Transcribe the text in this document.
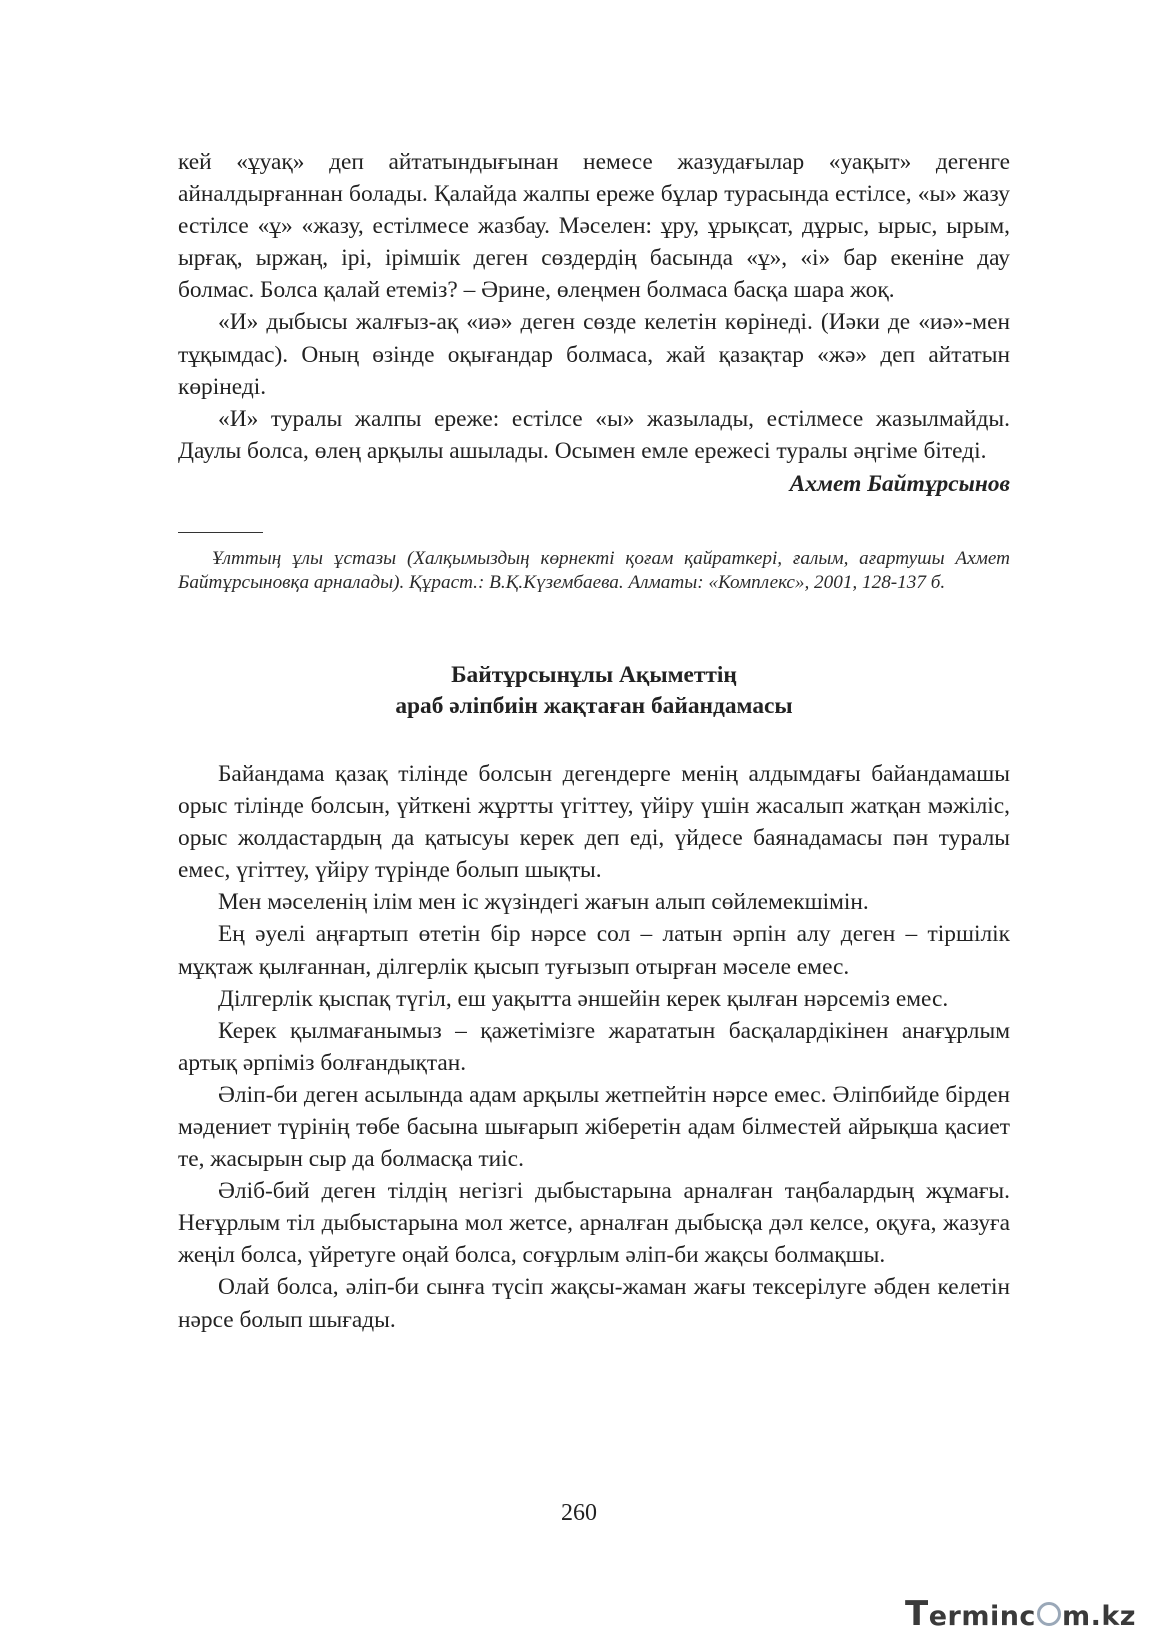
кей «ұуақ» деп айтатындығынан немесе жазудағылар «уақыт» дегенге айналдырғаннан болады. Қалайда жалпы ереже бұлар турасында естілсе, «ы» жазу естілсе «ұ» «жазу, естілмесе жазбау. Мәселен: ұру, ұрықсат, дұрыс, ырыс, ырым, ырғақ, ыржаң, ірі, ірімшік деген сөздердің басында «ұ», «і» бар екеніне дау болмас. Болса қалай етеміз? – Әрине, өлеңмен болмаса басқа шара жоқ.

«И» дыбысы жалғыз-ақ «иә» деген сөзде келетін көрінеді. (Иәки де «иә»-мен тұқымдас). Оның өзінде оқығандар болмаса, жай қазақтар «жә» деп айтатын көрінеді.

«И» туралы жалпы ереже: естілсе «ы» жазылады, естілмесе жазылмайды. Даулы болса, өлең арқылы ашылады. Осымен емле ережесі туралы әңгіме бітеді.

Ахмет Байтұрсынов

Ұлттың ұлы ұстазы (Халқымыздың көрнекті қоғам қайраткері, ғалым, ағартушы Ахмет Байтұрсыновқа арналады). Құраст.: В.Қ.Күзембаева. Алматы: «Комплекс», 2001, 128-137 б.

Байтұрсынұлы Ақыметтің
араб әліпбиін жақтаған байандамасы

Байандама қазақ тілінде болсын дегендерге менің алдымдағы байандамашы орыс тілінде болсын, үйткені жұртты үгіттеу, үйіру үшін жасалып жатқан мәжіліс, орыс жолдастардың да қатысуы керек деп еді, үйдесе баянадамасы пән туралы емес, үгіттеу, үйіру түрінде болып шықты.

Мен мәселенің ілім мен іс жүзіндегі жағын алып сөйлемекшімін.

Ең әуелі аңғартып өтетін бір нәрсе сол – латын әрпін алу деген – тіршілік мұқтаж қылғаннан, ділгерлік қысып туғызып отырған мәселе емес.

Ділгерлік қыспақ түгіл, еш уақытта әншейін керек қылған нәрсеміз емес.

Керек қылмағанымыз – қажетімізге жарататын басқалардікінен анағұрлым артық әрпіміз болғандықтан.

Әліп-би деген асылында адам арқылы жетпейтін нәрсе емес. Әліпбийде бірден мәдениет түрінің төбе басына шығарып жіберетін адам білместей айрықша қасиет те, жасырын сыр да болмасқа тиіс.

Әліб-бий деген тілдің негізгі дыбыстарына арналған таңбалардың жұмағы. Неғұрлым тіл дыбыстарына мол жетсе, арналған дыбысқа дәл келсе, оқуға, жазуға жеңіл болса, үйретуге оңай болса, соғұрлым әліп-би жақсы болмақшы.

Олай болса, әліп-би сынға түсіп жақсы-жаман жағы тексерілуге әбден келетін нәрсе болып шығады.

260
Terminc m.kz
